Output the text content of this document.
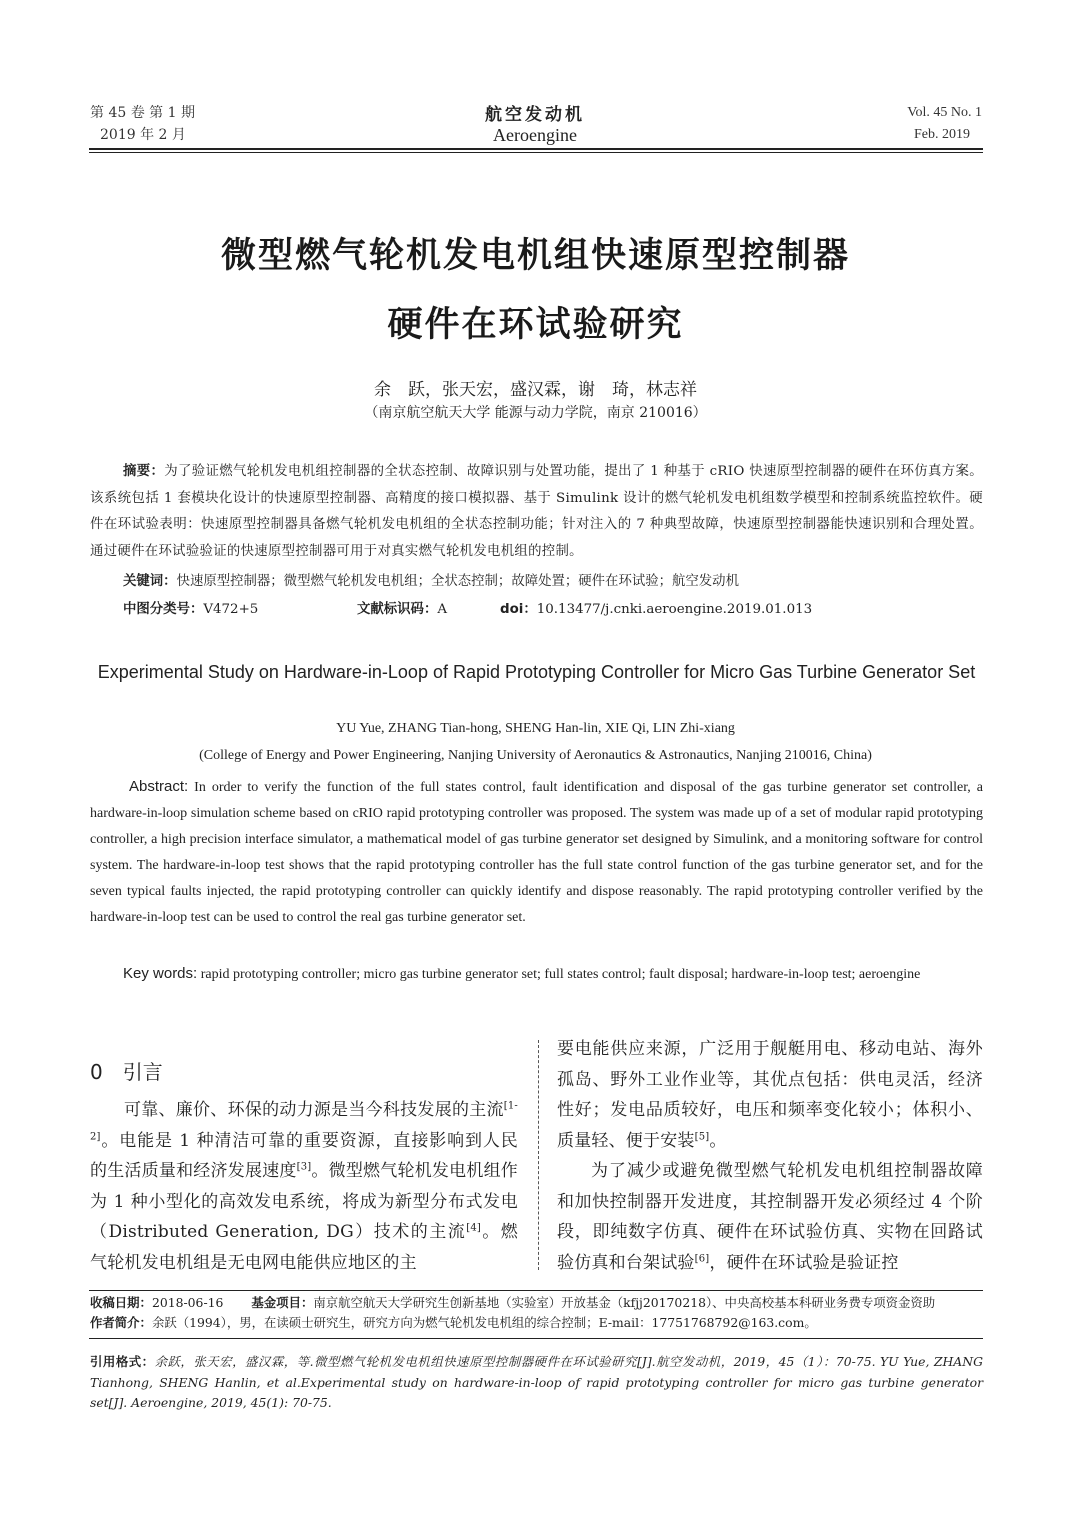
第 45 卷 第 1 期
2019 年 2 月
航空发动机
Aeroengine
Vol. 45 No. 1
Feb. 2019
微型燃气轮机发电机组快速原型控制器
硬件在环试验研究
余　跃，张天宏，盛汉霖，谢　琦，林志祥
（南京航空航天大学 能源与动力学院，南京 210016）
摘要：为了验证燃气轮机发电机组控制器的全状态控制、故障识别与处置功能，提出了 1 种基于 cRIO 快速原型控制器的硬件在环仿真方案。该系统包括 1 套模块化设计的快速原型控制器、高精度的接口模拟器、基于 Simulink 设计的燃气轮机发电机组数学模型和控制系统监控软件。硬件在环试验表明：快速原型控制器具备燃气轮机发电机组的全状态控制功能；针对注入的 7 种典型故障，快速原型控制器能快速识别和合理处置。通过硬件在环试验验证的快速原型控制器可用于对真实燃气轮机发电机组的控制。
关键词：快速原型控制器；微型燃气轮机发电机组；全状态控制；故障处置；硬件在环试验；航空发动机
中图分类号：V472+5	文献标识码：A	doi：10.13477/j.cnki.aeroengine.2019.01.013
Experimental Study on Hardware-in-Loop of Rapid Prototyping Controller for Micro Gas Turbine Generator Set
YU Yue, ZHANG Tian-hong, SHENG Han-lin, XIE Qi, LIN Zhi-xiang
(College of Energy and Power Engineering, Nanjing University of Aeronautics & Astronautics, Nanjing 210016, China)
Abstract: In order to verify the function of the full states control, fault identification and disposal of the gas turbine generator set controller, a hardware-in-loop simulation scheme based on cRIO rapid prototyping controller was proposed. The system was made up of a set of modular rapid prototyping controller, a high precision interface simulator, a mathematical model of gas turbine generator set designed by Simulink, and a monitoring software for control system. The hardware-in-loop test shows that the rapid prototyping controller has the full state control function of the gas turbine generator set, and for the seven typical faults injected, the rapid prototyping controller can quickly identify and dispose reasonably. The rapid prototyping controller verified by the hardware-in-loop test can be used to control the real gas turbine generator set.
Key words: rapid prototyping controller; micro gas turbine generator set; full states control; fault disposal; hardware-in-loop test; aeroengine
0　引言

可靠、廉价、环保的动力源是当今科技发展的主流[1-2]。电能是 1 种清洁可靠的重要资源，直接影响到人民的生活质量和经济发展速度[3]。微型燃气轮机发电机组作为 1 种小型化的高效发电系统，将成为新型分布式发电（Distributed Generation, DG）技术的主流[4]。燃气轮机发电机组是无电网电能供应地区的主

要电能供应来源，广泛用于舰艇用电、移动电站、海外孤岛、野外工业作业等，其优点包括：供电灵活，经济性好；发电品质较好，电压和频率变化较小；体积小、质量轻、便于安装[5]。

为了减少或避免微型燃气轮机发电机组控制器故障和加快控制器开发进度，其控制器开发必须经过 4 个阶段，即纯数字仿真、硬件在环试验仿真、实物在回路试验仿真和台架试验[6]，硬件在环试验是验证控

收稿日期：2018-06-16 基金项目：南京航空航天大学研究生创新基地（实验室）开放基金（kfjj20170218）、中央高校基本科研业务费专项资金资助
作者简介：余跃（1994），男，在读硕士研究生，研究方向为燃气轮机发电机组的综合控制；E-mail：17751768792@163.com。
引用格式：余跃，张天宏，盛汉霖，等.微型燃气轮机发电机组快速原型控制器硬件在环试验研究[J].航空发动机，2019，45（1）：70-75. YU Yue, ZHANG Tianhong, SHENG Hanlin, et al.Experimental study on hardware-in-loop of rapid prototyping controller for micro gas turbine generator set[J]. Aeroengine, 2019, 45(1): 70-75.
